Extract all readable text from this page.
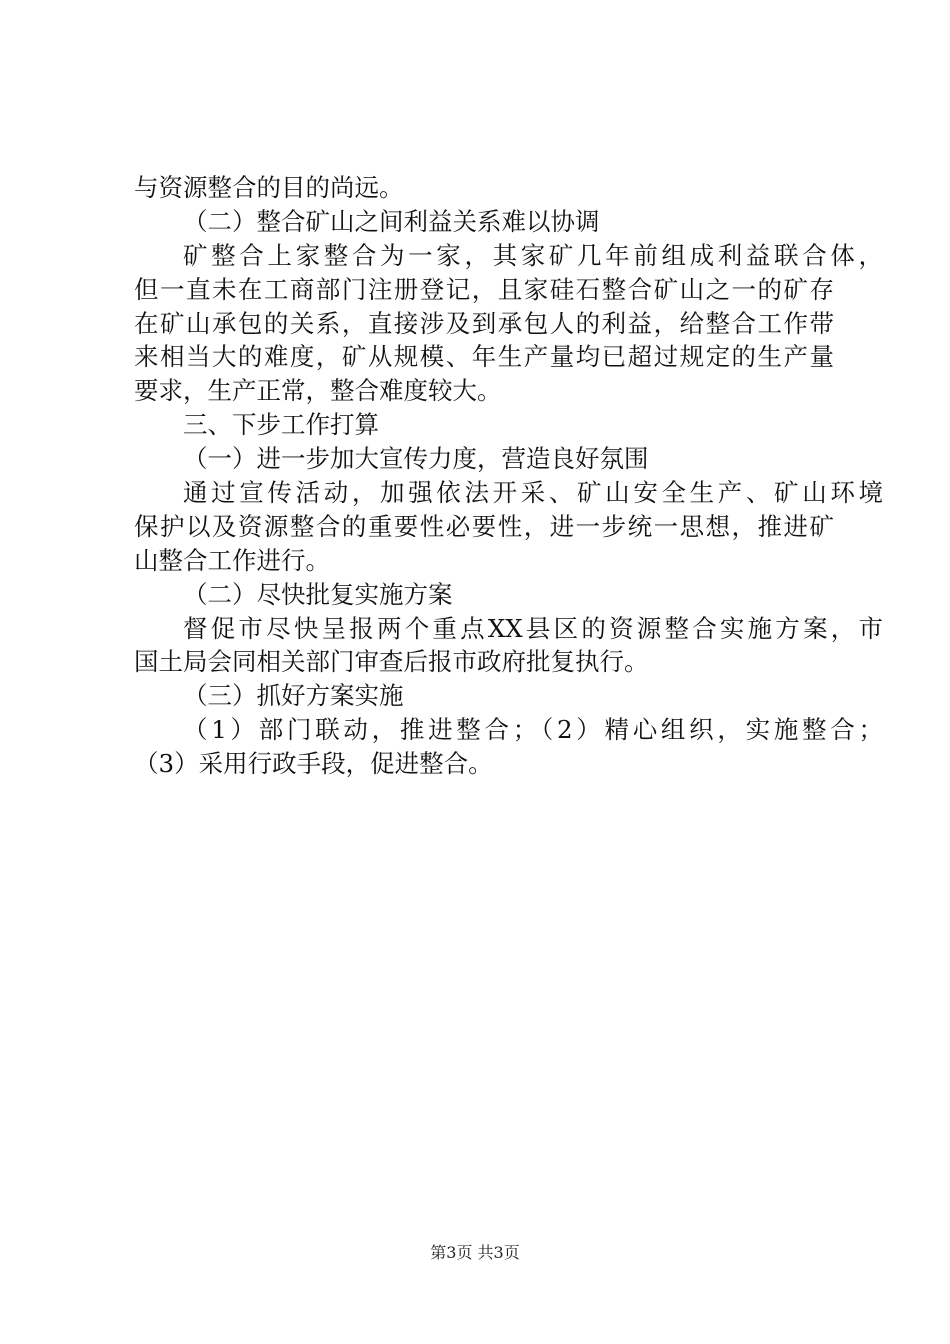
与资源整合的目的尚远。
（二）整合矿山之间利益关系难以协调
矿整合上家整合为一家，其家矿几年前组成利益联合体，
但一直未在工商部门注册登记，且家硅石整合矿山之一的矿存
在矿山承包的关系，直接涉及到承包人的利益，给整合工作带
来相当大的难度，矿从规模、年生产量均已超过规定的生产量
要求，生产正常，整合难度较大。
三、下步工作打算
（一）进一步加大宣传力度，营造良好氛围
通过宣传活动，加强依法开采、矿山安全生产、矿山环境
保护以及资源整合的重要性必要性，进一步统一思想，推进矿
山整合工作进行。
（二）尽快批复实施方案
督促市尽快呈报两个重点XX县区的资源整合实施方案，市
国土局会同相关部门审查后报市政府批复执行。
（三）抓好方案实施
（1）部门联动，推进整合；（2）精心组织，实施整合；
（3）采用行政手段，促进整合。
第3页 共3页
